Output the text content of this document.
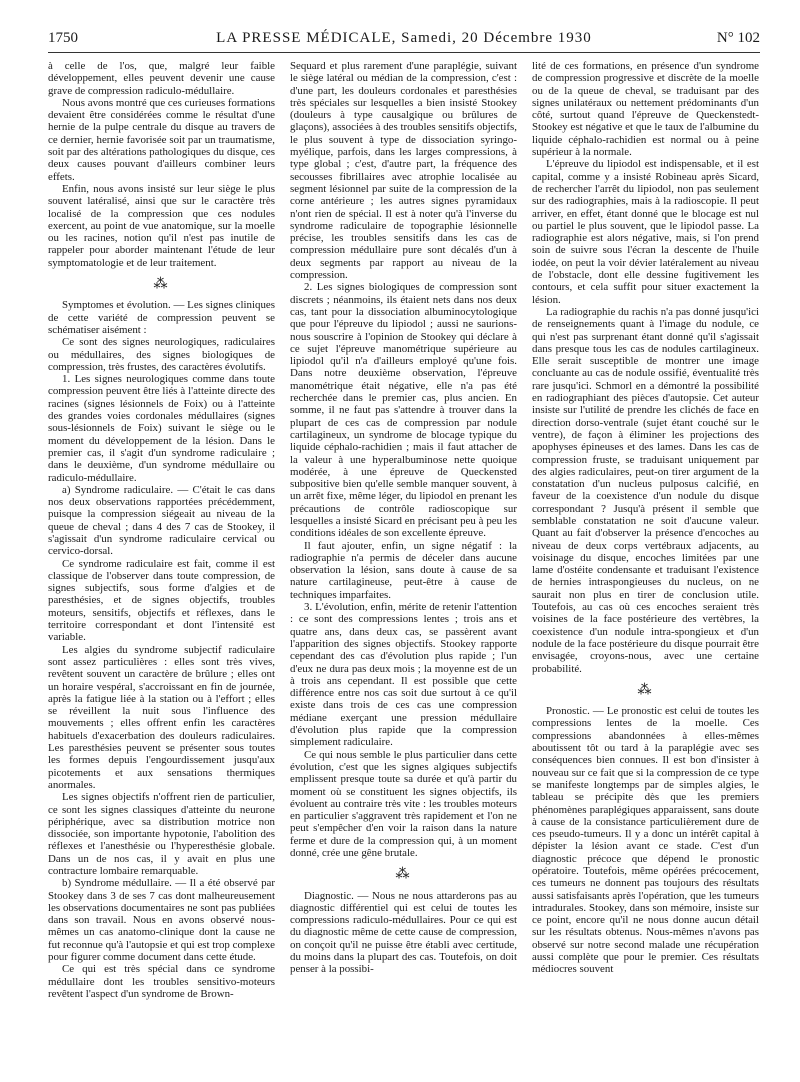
1750	LA PRESSE MÉDICALE, Samedi, 20 Décembre 1930	N° 102

à celle de l'os, que, malgré leur faible développement, elles peuvent devenir une cause grave de compression radiculo-médullaire.

Nous avons montré que ces curieuses formations devaient être considérées comme le résultat d'une hernie de la pulpe centrale du disque au travers de ce dernier, hernie favorisée soit par un traumatisme, soit par des altérations pathologiques du disque, ces deux causes pouvant d'ailleurs combiner leurs effets.

Enfin, nous avons insisté sur leur siège le plus souvent latéralisé, ainsi que sur le caractère très localisé de la compression que ces nodules exercent, au point de vue anatomique, sur la moelle ou les racines, notion qu'il n'est pas inutile de rappeler pour aborder maintenant l'étude de leur symptomatologie et de leur traitement.

⁂

Symptomes et évolution. — Les signes cliniques de cette variété de compression peuvent se schématiser aisément :

Ce sont des signes neurologiques, radiculaires ou médullaires, des signes biologiques de compression, très frustes, des caractères évolutifs.

1. Les signes neurologiques comme dans toute compression peuvent être liés à l'atteinte directe des racines (signes lésionnels de Foix) ou à l'atteinte des grandes voies cordonales médullaires (signes sous-lésionnels de Foix) suivant le siège ou le moment du développement de la lésion. Dans le premier cas, il s'agit d'un syndrome radiculaire ; dans le deuxième, d'un syndrome médullaire ou radiculo-médullaire.

a) Syndrome radiculaire. — C'était le cas dans nos deux observations rapportées précédemment, puisque la compression siégeait au niveau de la queue de cheval ; dans 4 des 7 cas de Stookey, il s'agissait d'un syndrome radiculaire cervical ou cervico-dorsal.

Ce syndrome radiculaire est fait, comme il est classique de l'observer dans toute compression, de signes subjectifs, sous forme d'algies et de paresthésies, et de signes objectifs, troubles moteurs, sensitifs, objectifs et réflexes, dans le territoire correspondant et dont l'intensité est variable.

Les algies du syndrome subjectif radiculaire sont assez particulières : elles sont très vives, revêtent souvent un caractère de brûlure ; elles ont un horaire vespéral, s'accroissant en fin de journée, après la fatigue liée à la station ou à l'effort ; elles se réveillent la nuit sous l'influence des mouvements ; elles offrent enfin les caractères habituels d'exacerbation des douleurs radiculaires. Les paresthésies peuvent se présenter sous toutes les formes depuis l'engourdissement jusqu'aux picotements et aux sensations thermiques anormales.

Les signes objectifs n'offrent rien de particulier, ce sont les signes classiques d'atteinte du neurone périphérique, avec sa distribution motrice non dissociée, son importante hypotonie, l'abolition des réflexes et l'anesthésie ou l'hyperesthésie globale. Dans un de nos cas, il y avait en plus une contracture lombaire remarquable.

b) Syndrome médullaire. — Il a été observé par Stookey dans 3 de ses 7 cas dont malheureusement les observations documentaires ne sont pas publiées dans son travail. Nous en avons observé nous-mêmes un cas anatomo-clinique dont la cause ne fut reconnue qu'à l'autopsie et qui est trop complexe pour figurer comme document dans cette étude.

Ce qui est très spécial dans ce syndrome médullaire dont les troubles sensitivo-moteurs revêtent l'aspect d'un syndrome de Brown-

Sequard et plus rarement d'une paraplégie, suivant le siège latéral ou médian de la compression, c'est : d'une part, les douleurs cordonales et paresthésies très spéciales sur lesquelles a bien insisté Stookey (douleurs à type causalgique ou brûlures de glaçons), associées à des troubles sensitifs objectifs, le plus souvent à type de dissociation syringo-myélique, parfois, dans les larges compressions, à type global ; c'est, d'autre part, la fréquence des secousses fibrillaires avec atrophie localisée au segment lésionnel par suite de la compression de la corne antérieure ; les autres signes pyramidaux n'ont rien de spécial. Il est à noter qu'à l'inverse du syndrome radiculaire de topographie lésionnelle précise, les troubles sensitifs dans les cas de compression médullaire pure sont décalés d'un à deux segments par rapport au niveau de la compression.

2. Les signes biologiques de compression sont discrets ; néanmoins, ils étaient nets dans nos deux cas, tant pour la dissociation albuminocytologique que pour l'épreuve du lipiodol ; aussi ne saurions-nous souscrire à l'opinion de Stookey qui déclare à ce sujet l'épreuve manométrique supérieure au lipiodol qu'il n'a d'ailleurs employé qu'une fois. Dans notre deuxième observation, l'épreuve manométrique était négative, elle n'a pas été recherchée dans le premier cas, plus ancien. En somme, il ne faut pas s'attendre à trouver dans la plupart de ces cas de compression par nodule cartilagineux, un syndrome de blocage typique du liquide céphalo-rachidien ; mais il faut attacher de la valeur à une hyperalbuminose nette quoique modérée, à une épreuve de Queckensted subpositive bien qu'elle semble manquer souvent, à un arrêt fixe, même léger, du lipiodol en prenant les précautions de contrôle radioscopique sur lesquelles a insisté Sicard en précisant peu à peu les conditions idéales de son excellente épreuve.

Il faut ajouter, enfin, un signe négatif : la radiographie n'a permis de déceler dans aucune observation la lésion, sans doute à cause de sa nature cartilagineuse, peut-être à cause de techniques imparfaites.

3. L'évolution, enfin, mérite de retenir l'attention : ce sont des compressions lentes ; trois ans et quatre ans, dans deux cas, se passèrent avant l'apparition des signes objectifs. Stookey rapporte cependant des cas d'évolution plus rapide ; l'un d'eux ne dura pas deux mois ; la moyenne est de un à trois ans cependant. Il est possible que cette différence entre nos cas soit due surtout à ce qu'il existe dans trois de ces cas une compression médiane exerçant une pression médullaire d'évolution plus rapide que la compression simplement radiculaire.

Ce qui nous semble le plus particulier dans cette évolution, c'est que les signes algiques subjectifs emplissent presque toute sa durée et qu'à partir du moment où se constituent les signes objectifs, ils évoluent au contraire très vite : les troubles moteurs en particulier s'aggravent très rapidement et l'on ne peut s'empêcher d'en voir la raison dans la nature ferme et dure de la compression qui, à un moment donné, crée une gêne brutale.

⁂

Diagnostic. — Nous ne nous attarderons pas au diagnostic différentiel qui est celui de toutes les compressions radiculo-médullaires. Pour ce qui est du diagnostic même de cette cause de compression, on conçoit qu'il ne puisse être établi avec certitude, du moins dans la plupart des cas. Toutefois, on doit penser à la possibi-

lité de ces formations, en présence d'un syndrome de compression progressive et discrète de la moelle ou de la queue de cheval, se traduisant par des signes unilatéraux ou nettement prédominants d'un côté, surtout quand l'épreuve de Queckenstedt-Stookey est négative et que le taux de l'albumine du liquide céphalo-rachidien est normal ou à peine supérieur à la normale.

L'épreuve du lipiodol est indispensable, et il est capital, comme y a insisté Robineau après Sicard, de rechercher l'arrêt du lipiodol, non pas seulement sur des radiographies, mais à la radioscopie. Il peut arriver, en effet, étant donné que le blocage est nul ou partiel le plus souvent, que le lipiodol passe. La radiographie est alors négative, mais, si l'on prend soin de suivre sous l'écran la descente de l'huile iodée, on peut la voir dévier latéralement au niveau de l'obstacle, dont elle dessine fugitivement les contours, et cela suffit pour situer exactement la lésion.

La radiographie du rachis n'a pas donné jusqu'ici de renseignements quant à l'image du nodule, ce qui n'est pas surprenant étant donné qu'il s'agissait dans presque tous les cas de nodules cartilagineux. Elle serait susceptible de montrer une image concluante au cas de nodule ossifié, éventualité très rare jusqu'ici. Schmorl en a démontré la possibilité en radiographiant des pièces d'autopsie. Cet auteur insiste sur l'utilité de prendre les clichés de face en direction dorso-ventrale (sujet étant couché sur le ventre), de façon à éliminer les projections des apophyses épineuses et des lames. Dans les cas de compression fruste, se traduisant uniquement par des algies radiculaires, peut-on tirer argument de la constatation d'un nucleus pulposus calcifié, en faveur de la coexistence d'un nodule du disque correspondant ? Jusqu'à présent il semble que semblable constatation ne soit d'aucune valeur. Quant au fait d'observer la présence d'encoches au niveau de deux corps vertébraux adjacents, au voisinage du disque, encoches limitées par une lame d'ostéite condensante et traduisant l'existence de hernies intraspongieuses du nucleus, on ne saurait non plus en tirer de conclusion utile. Toutefois, au cas où ces encoches seraient très voisines de la face postérieure des vertèbres, la coexistence d'un nodule intra-spongieux et d'un nodule de la face postérieure du disque pourrait être envisagée, croyons-nous, avec une certaine probabilité.

⁂

Pronostic. — Le pronostic est celui de toutes les compressions lentes de la moelle. Ces compressions abandonnées à elles-mêmes aboutissent tôt ou tard à la paraplégie avec ses conséquences bien connues. Il est bon d'insister à nouveau sur ce fait que si la compression de ce type se manifeste longtemps par de simples algies, le tableau se précipite dès que les premiers phénomènes paraplégiques apparaissent, sans doute à cause de la consistance particulièrement dure de ces pseudo-tumeurs. Il y a donc un intérêt capital à dépister la lésion avant ce stade. C'est d'un diagnostic précoce que dépend le pronostic opératoire. Toutefois, même opérées précocement, ces tumeurs ne donnent pas toujours des résultats aussi satisfaisants après l'opération, que les tumeurs intradurales. Stookey, dans son mémoire, insiste sur ce point, encore qu'il ne nous donne aucun détail sur les résultats obtenus. Nous-mêmes n'avons pas observé sur notre second malade une récupération aussi complète que pour le premier. Ces résultats médiocres souvent
